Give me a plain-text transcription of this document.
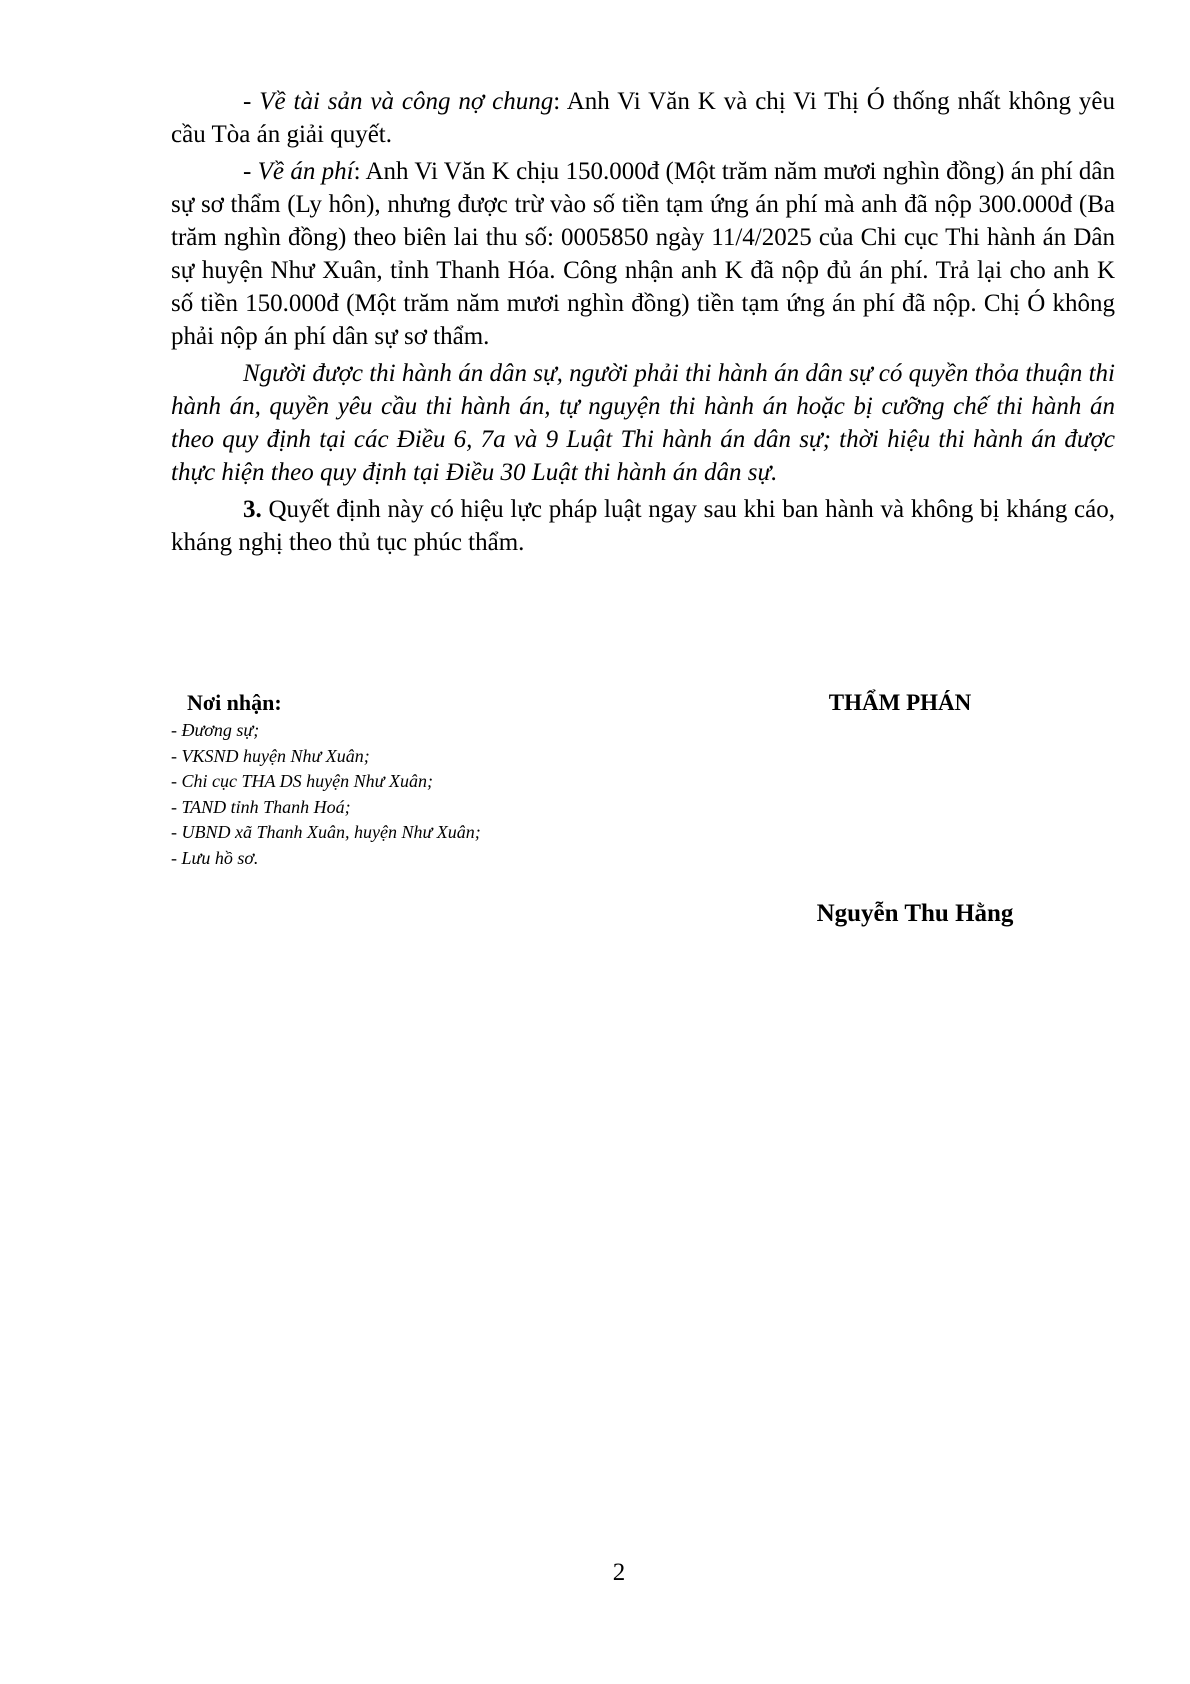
- Về tài sản và công nợ chung: Anh Vi Văn K và chị Vi Thị Ó thống nhất không yêu cầu Tòa án giải quyết.

- Về án phí: Anh Vi Văn K chịu 150.000đ (Một trăm năm mươi nghìn đồng) án phí dân sự sơ thẩm (Ly hôn), nhưng được trừ vào số tiền tạm ứng án phí mà anh đã nộp 300.000đ (Ba trăm nghìn đồng) theo biên lai thu số: 0005850 ngày 11/4/2025 của Chi cục Thi hành án Dân sự huyện Như Xuân, tỉnh Thanh Hóa. Công nhận anh K đã nộp đủ án phí. Trả lại cho anh K số tiền 150.000đ (Một trăm năm mươi nghìn đồng) tiền tạm ứng án phí đã nộp. Chị Ó không phải nộp án phí dân sự sơ thẩm.

Người được thi hành án dân sự, người phải thi hành án dân sự có quyền thỏa thuận thi hành án, quyền yêu cầu thi hành án, tự nguyện thi hành án hoặc bị cưỡng chế thi hành án theo quy định tại các Điều 6, 7a và 9 Luật Thi hành án dân sự; thời hiệu thi hành án được thực hiện theo quy định tại Điều 30 Luật thi hành án dân sự.

3. Quyết định này có hiệu lực pháp luật ngay sau khi ban hành và không bị kháng cáo, kháng nghị theo thủ tục phúc thẩm.

Nơi nhận:
- Đương sự;
- VKSND huyện Như Xuân;
- Chi cục THA DS huyện Như Xuân;
- TAND tỉnh Thanh Hoá;
- UBND xã Thanh Xuân, huyện Như Xuân;
- Lưu hồ sơ.
THẨM PHÁN
Nguyễn Thu Hằng
2
